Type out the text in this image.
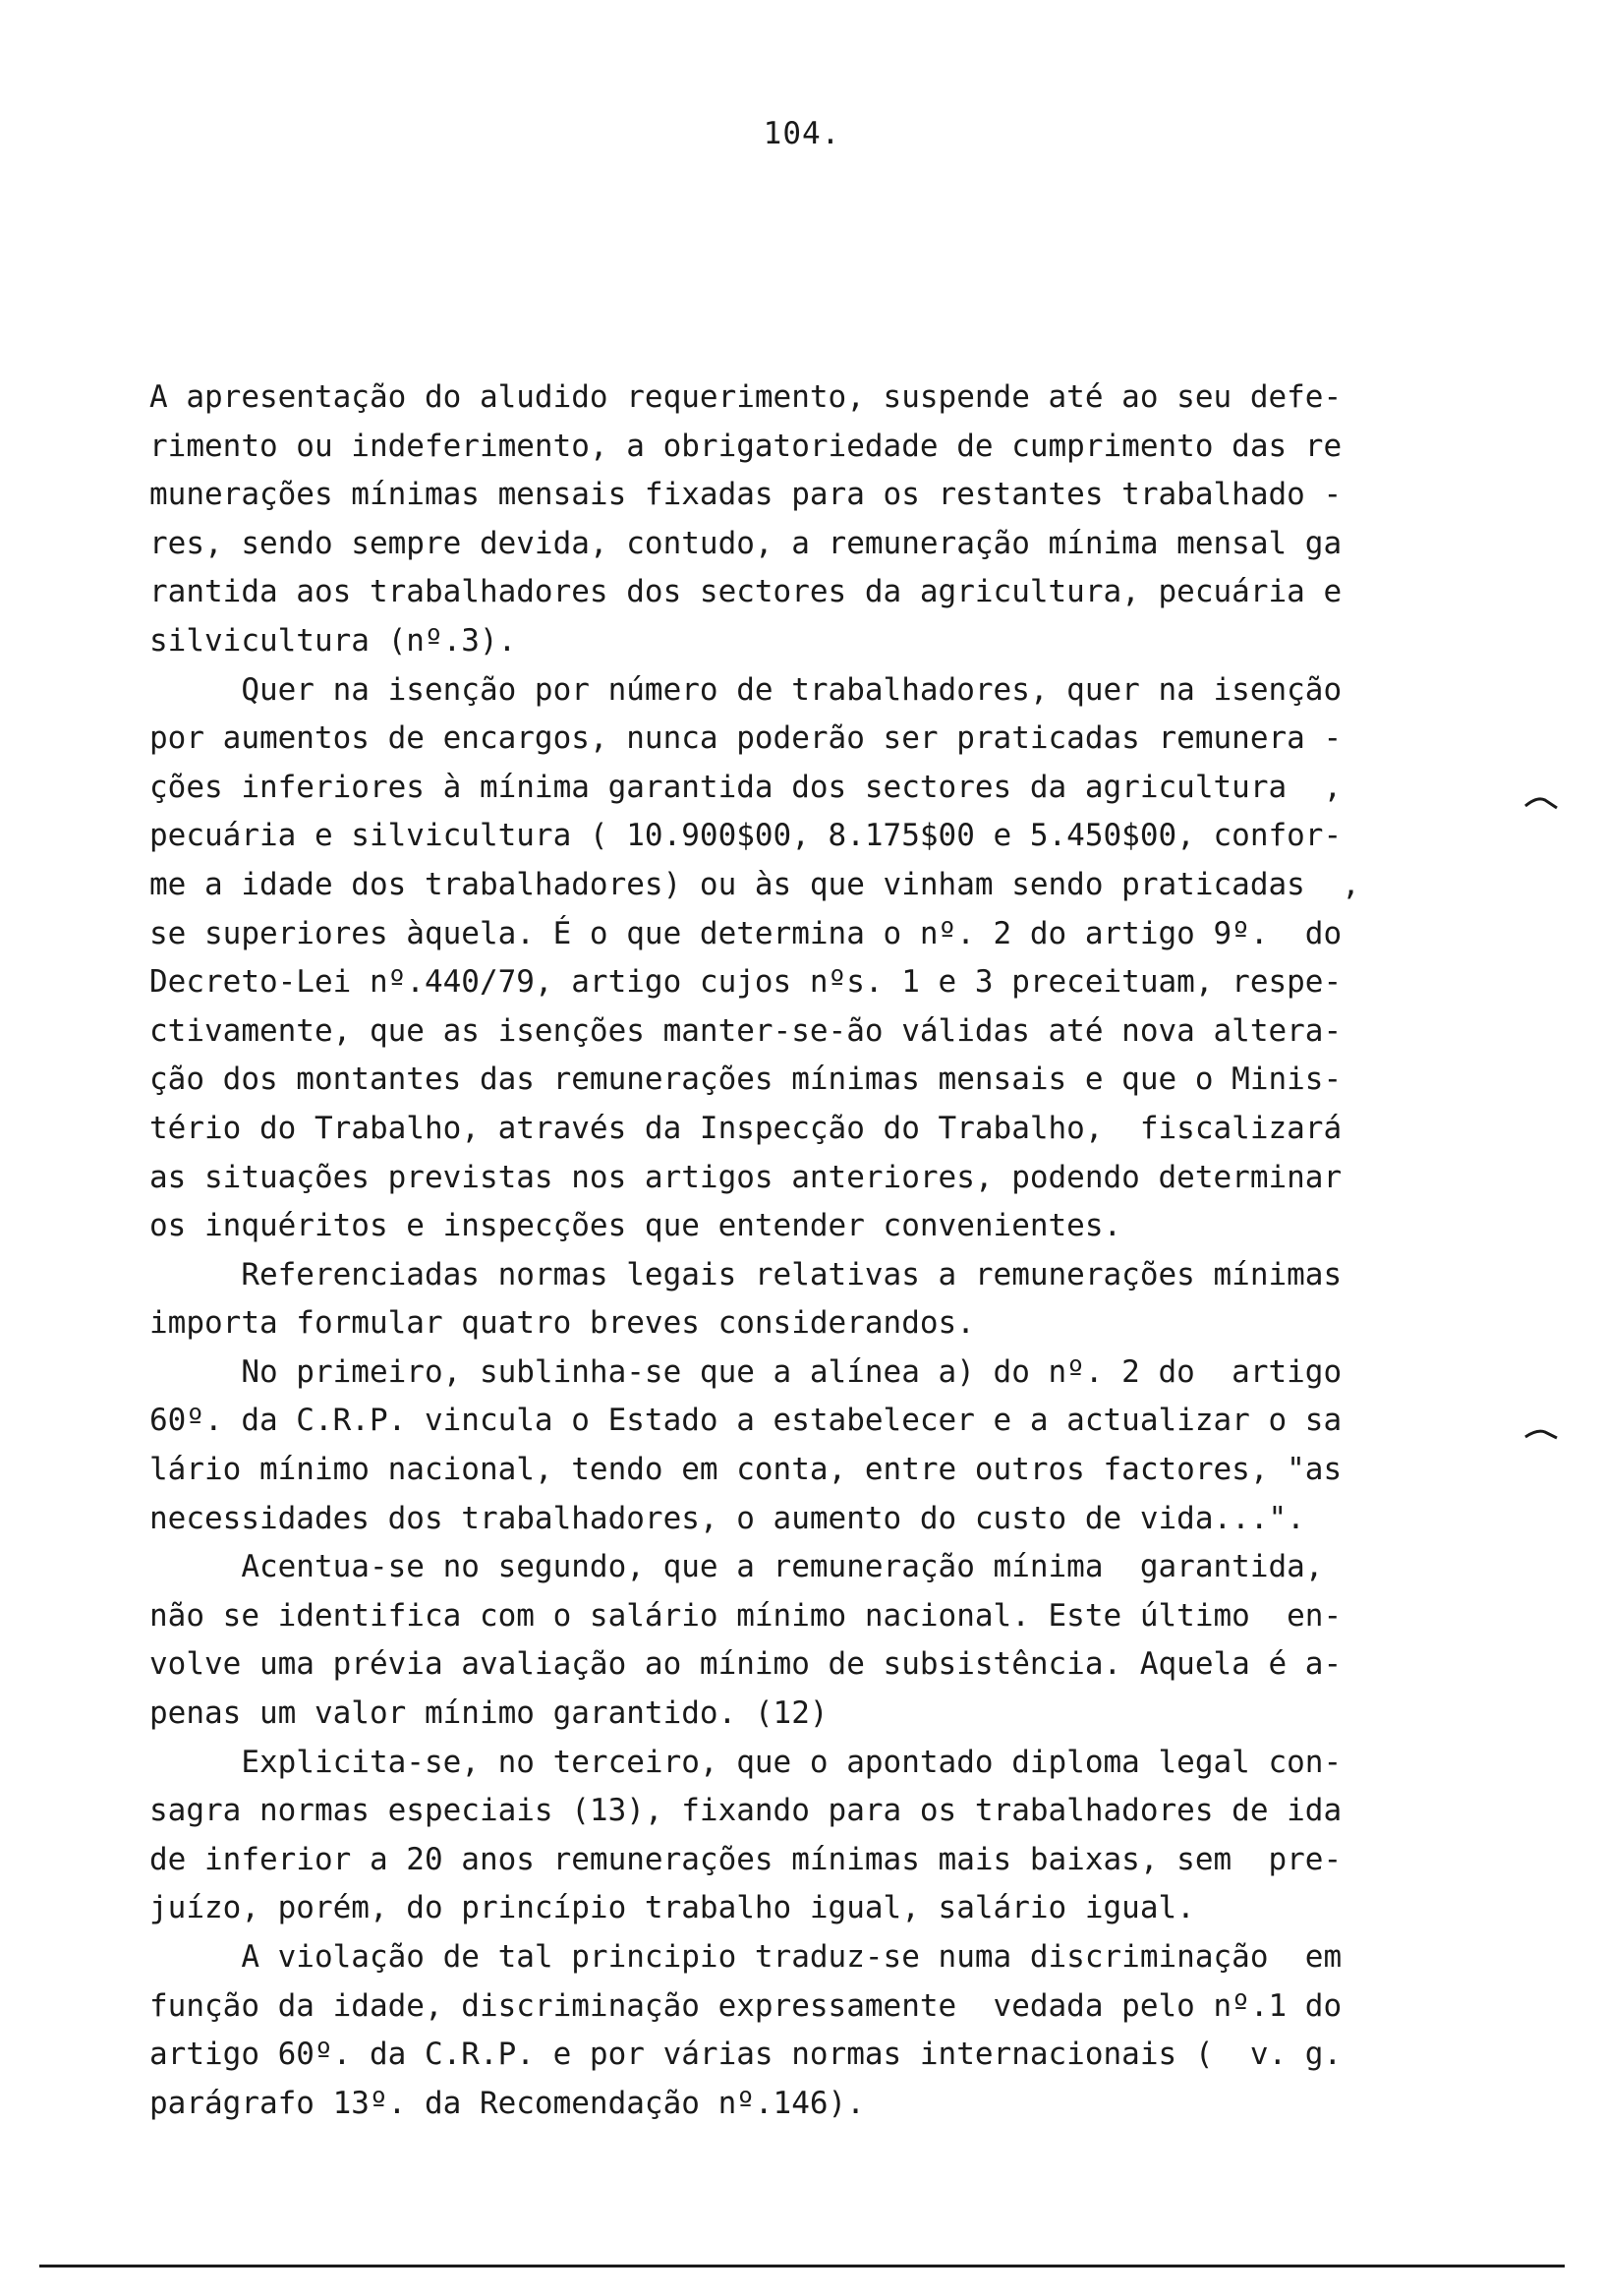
104.
A apresentação do aludido requerimento, suspende até ao seu defe-
rimento ou indeferimento, a obrigatoriedade de cumprimento das re
munerações mínimas mensais fixadas para os restantes trabalhado -
res, sendo sempre devida, contudo, a remuneração mínima mensal ga
rantida aos trabalhadores dos sectores da agricultura, pecuária e
silvicultura (nº.3).
Quer na isenção por número de trabalhadores, quer na isenção
por aumentos de encargos, nunca poderão ser praticadas remunera -
ções inferiores à mínima garantida dos sectores da agricultura  ,
pecuária e silvicultura ( 10.900$00, 8.175$00 e 5.450$00, confor-
me a idade dos trabalhadores) ou às que vinham sendo praticadas  ,
se superiores àquela. É o que determina o nº. 2 do artigo 9º.  do
Decreto-Lei nº.440/79, artigo cujos nºs. 1 e 3 preceituam, respe-
ctivamente, que as isenções manter-se-ão válidas até nova altera-
ção dos montantes das remunerações mínimas mensais e que o Minis-
tério do Trabalho, através da Inspecção do Trabalho,  fiscalizará
as situações previstas nos artigos anteriores, podendo determinar
os inquéritos e inspecções que entender convenientes.
Referenciadas normas legais relativas a remunerações mínimas
importa formular quatro breves considerandos.
No primeiro, sublinha-se que a alínea a) do nº. 2 do  artigo
60º. da C.R.P. vincula o Estado a estabelecer e a actualizar o sa
lário mínimo nacional, tendo em conta, entre outros factores, "as
necessidades dos trabalhadores, o aumento do custo de vida...".
Acentua-se no segundo, que a remuneração mínima  garantida,
não se identifica com o salário mínimo nacional. Este último  en-
volve uma prévia avaliação ao mínimo de subsistência. Aquela é a-
penas um valor mínimo garantido. (12)
Explicita-se, no terceiro, que o apontado diploma legal con-
sagra normas especiais (13), fixando para os trabalhadores de ida
de inferior a 20 anos remunerações mínimas mais baixas, sem  pre-
juízo, porém, do princípio trabalho igual, salário igual.
A violação de tal principio traduz-se numa discriminação  em
função da idade, discriminação expressamente  vedada pelo nº.1 do
artigo 60º. da C.R.P. e por várias normas internacionais (  v. g.
parágrafo 13º. da Recomendação nº.146).
